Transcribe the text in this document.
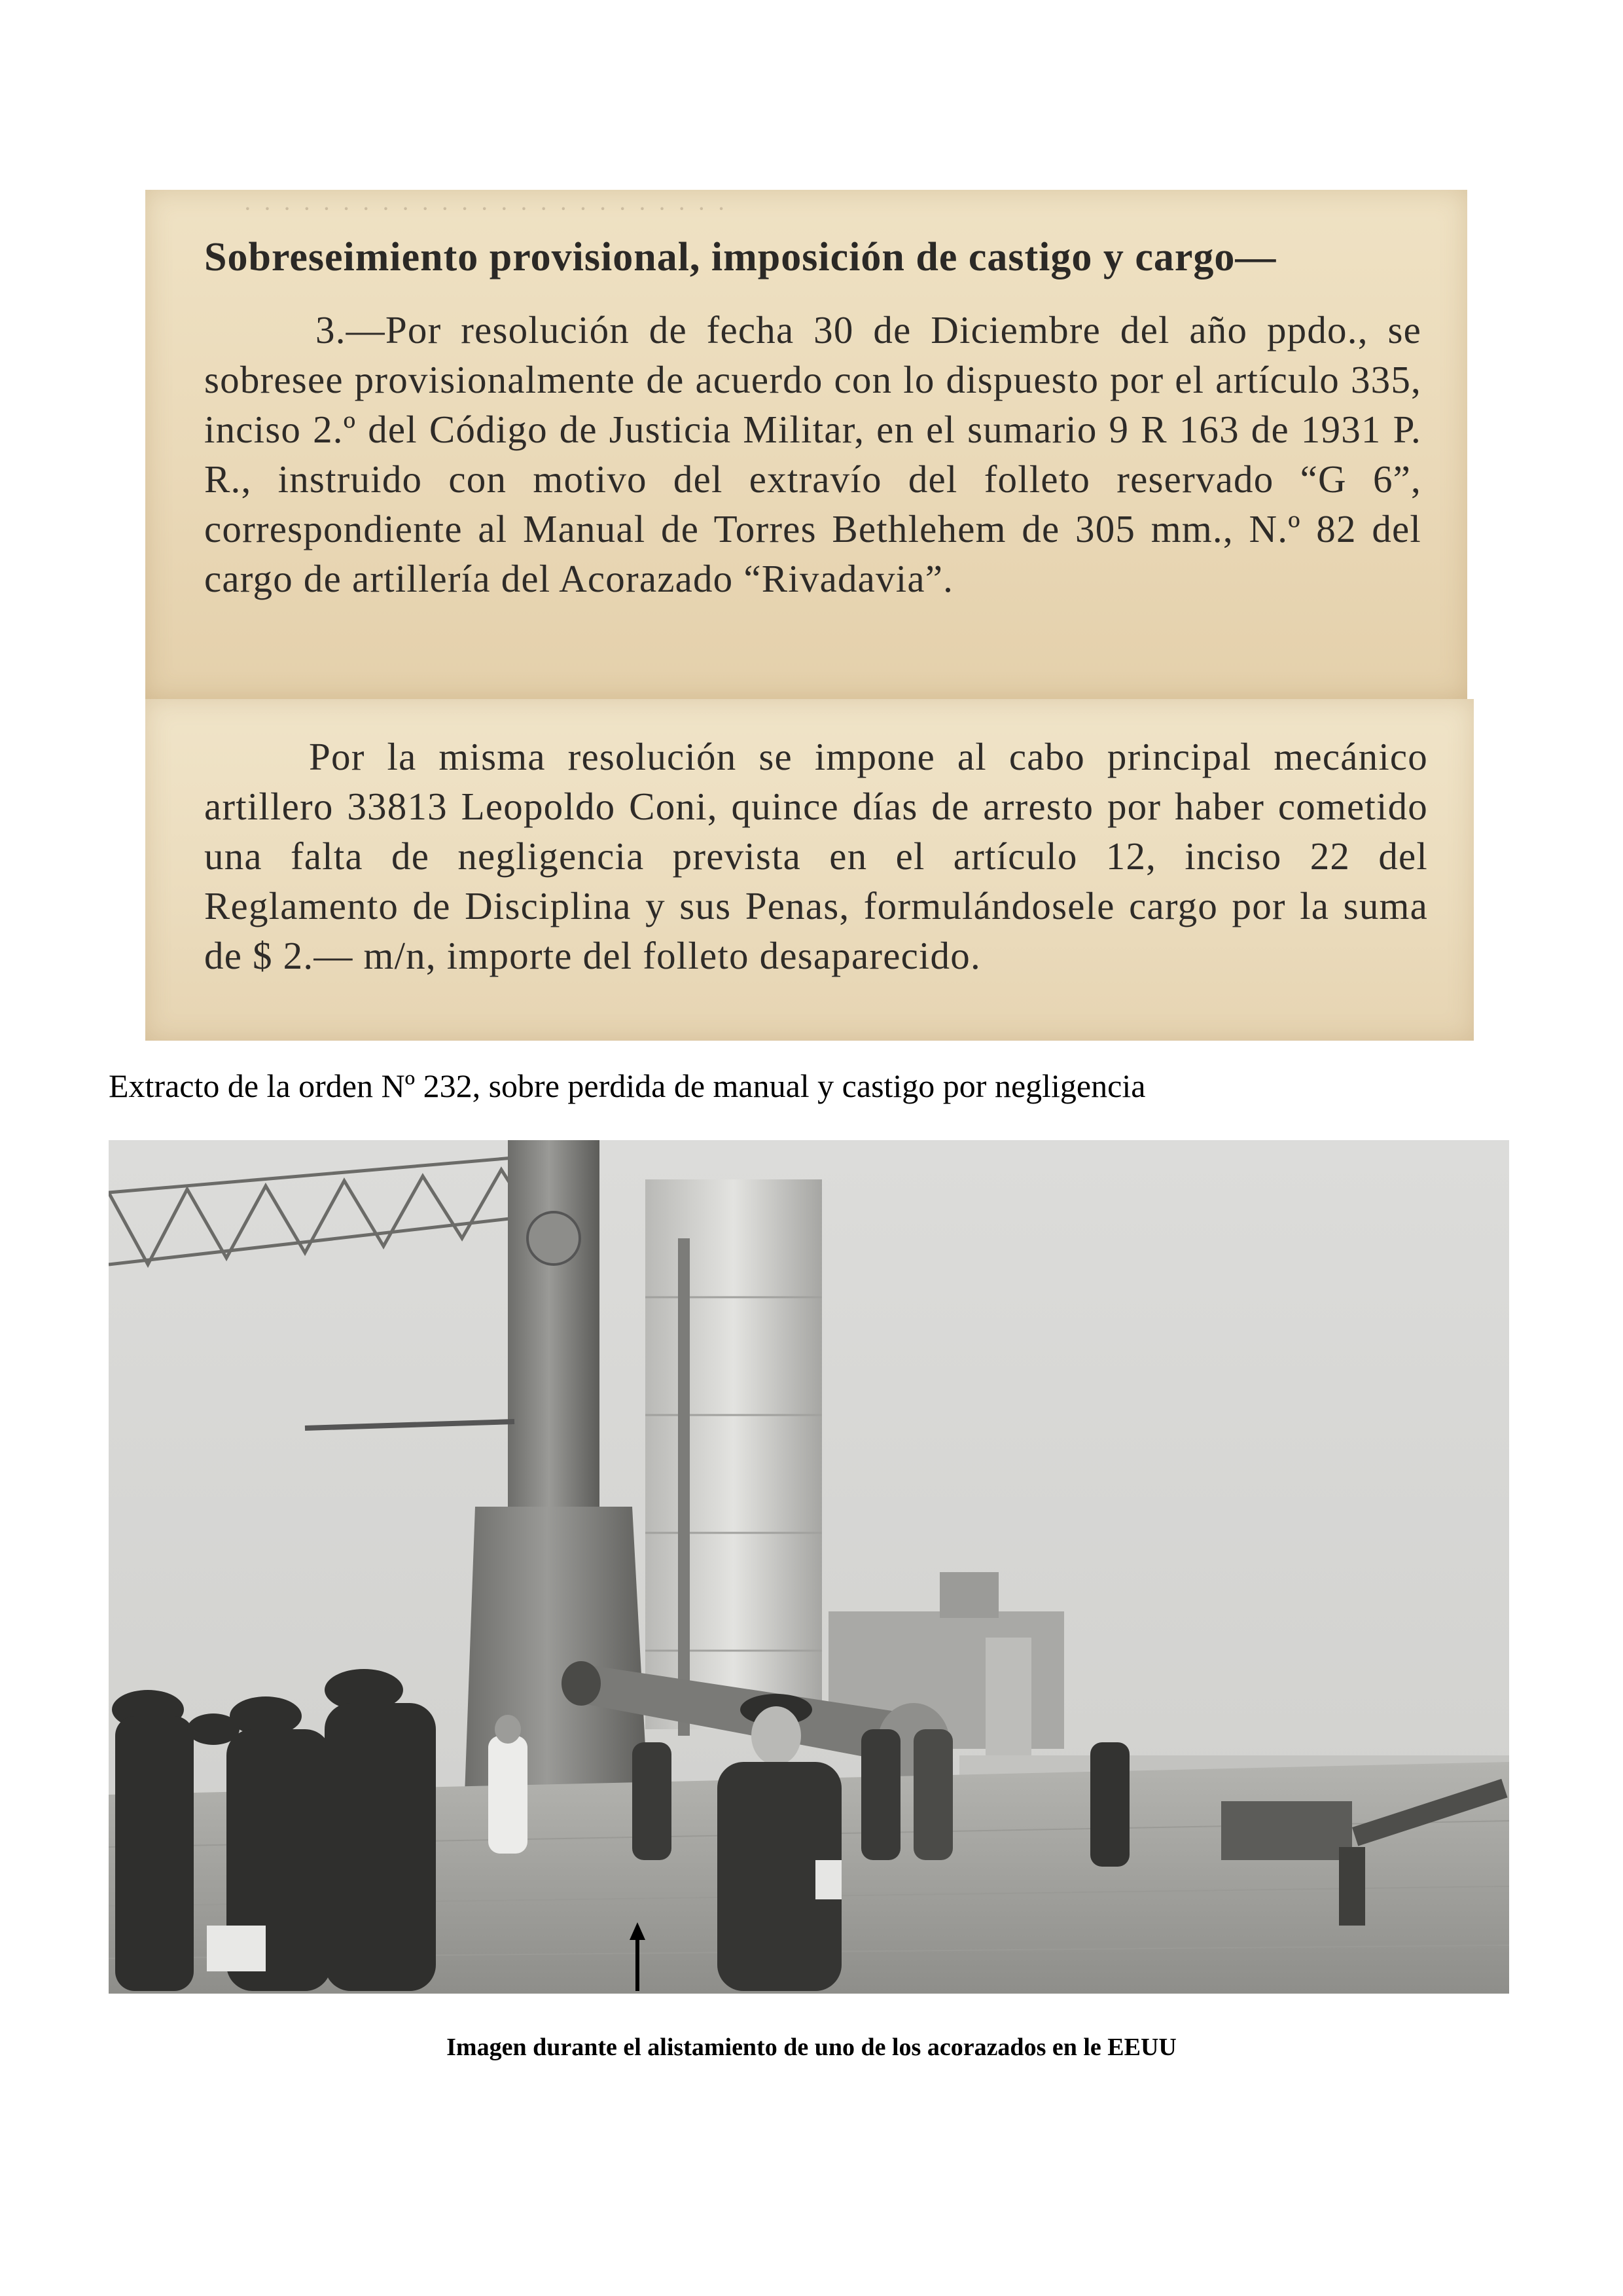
· · · · · · · · · · · · · · · · · · · · · · · · ·
Sobreseimiento provisional, imposición de castigo y cargo—
3.—Por resolución de fecha 30 de Diciembre del año ppdo., se sobresee provisionalmente de acuerdo con lo dispuesto por el artículo 335, inciso 2.º del Código de Justicia Militar, en el sumario 9 R 163 de 1931 P. R., instruido con motivo del extravío del folleto reservado “G 6”, correspondiente al Manual de Torres Bethlehem de 305 mm., N.º 82 del cargo de artillería del Acorazado “Rivadavia”.
Por la misma resolución se impone al cabo principal mecánico artillero 33813 Leopoldo Coni, quince días de arresto por haber cometido una falta de negligencia prevista en el artículo 12, inciso 22 del Reglamento de Disciplina y sus Penas, formulándosele cargo por la suma de $ 2.— m/n, importe del folleto desaparecido.
Extracto de la orden Nº 232, sobre perdida de manual y castigo por negligencia
Imagen durante el alistamiento de uno de los acorazados en le EEUU
